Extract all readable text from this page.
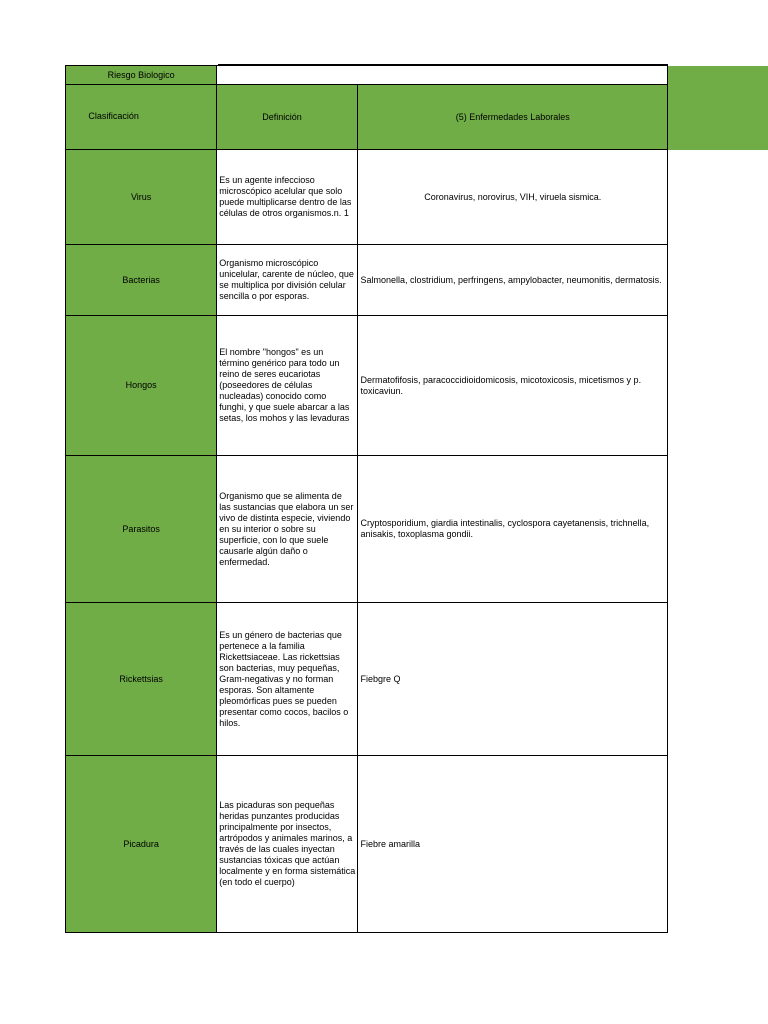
Riesgo Biologico		

Clasificación	Definición	(5) Enfermedades Laborales
Virus	Es un agente infeccioso microscópico acelular que solo puede multiplicarse dentro de las células de otros organismos.n. 1	Coronavirus, norovirus, VIH, viruela sismica.
Bacterias	Organismo microscópico unicelular, carente de núcleo, que se multiplica por división celular sencilla o por esporas.	Salmonella, clostridium, perfringens, ampylobacter, neumonitis, dermatosis.
Hongos	El nombre "hongos" es un término genérico para todo un reino de seres eucariotas (poseedores de células nucleadas) conocido como funghi, y que suele abarcar a las setas, los mohos y las levaduras	Dermatofifosis, paracoccidioidomicosis, micotoxicosis, micetismos y p. toxicaviun.
Parasitos	Organismo que se alimenta de las sustancias que elabora un ser vivo de distinta especie, viviendo en su interior o sobre su superficie, con lo que suele causarle algún daño o enfermedad.	Cryptosporidium, giardia intestinalis, cyclospora cayetanensis, trichnella, anisakis, toxoplasma gondii.
Rickettsias	Es un género de bacterias que pertenece a la familia Rickettsiaceae. Las rickettsias son bacterias, muy pequeñas, Gram-negativas y no forman esporas. Son altamente pleomórficas pues se pueden presentar como cocos, bacilos o hilos.	Fiebgre Q
Picadura	Las picaduras son pequeñas heridas punzantes producidas principalmente por insectos, artrópodos y animales marinos, a través de las cuales inyectan sustancias tóxicas que actúan localmente y en forma sistemática (en todo el cuerpo)	Fiebre amarilla
